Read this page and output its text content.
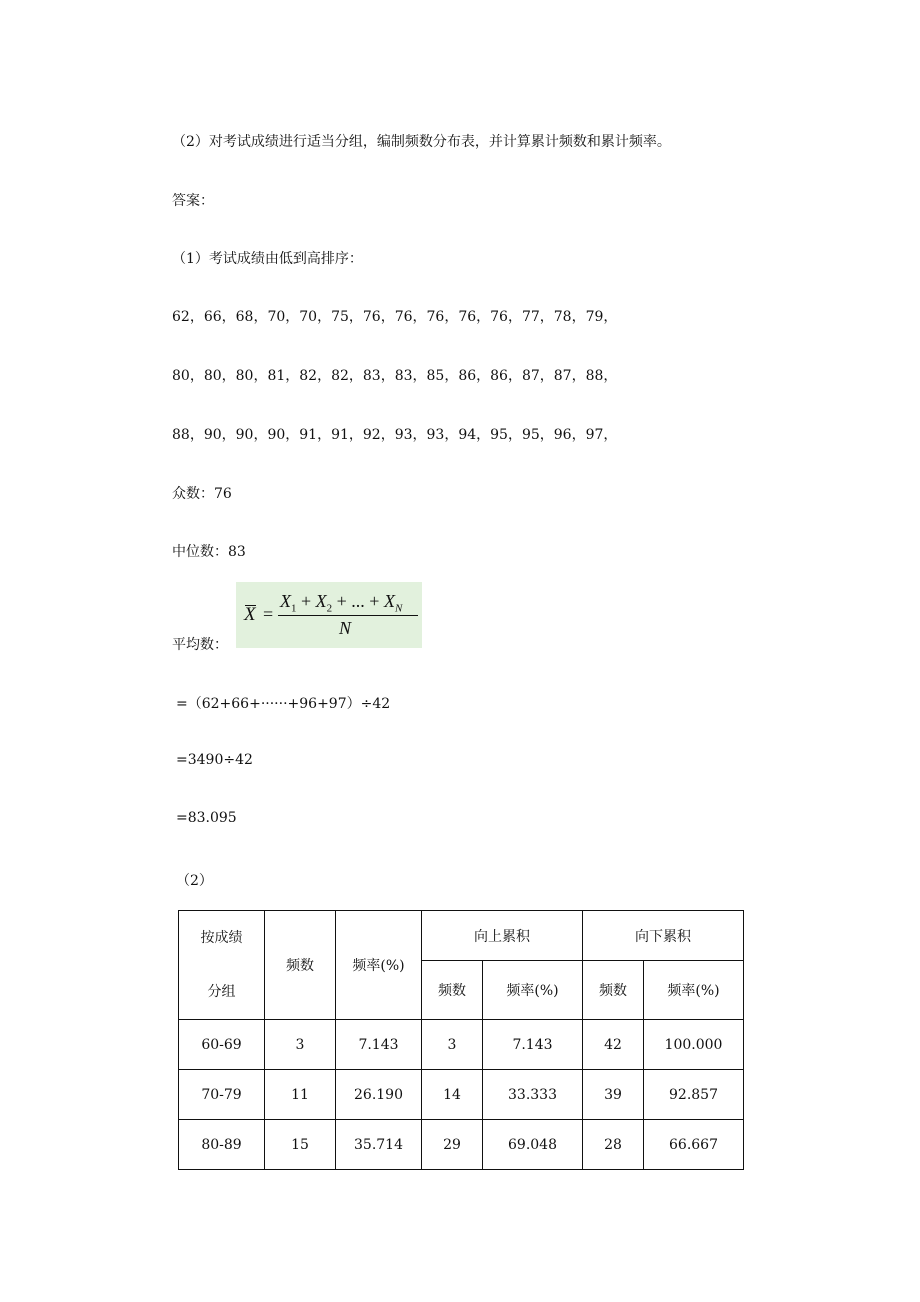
（2）对考试成绩进行适当分组，编制频数分布表，并计算累计频数和累计频率。
答案：
（1）考试成绩由低到高排序：
62，66，68，70，70，75，76，76，76，76，76，77，78，79，
80，80，80，81，82，82，83，83，85，86，86，87，87，88，
88，90，90，90，91，91，92，93，93，94，95，95，96，97，
众数：76
中位数：83
平均数：
X =
$X_1 + X_2$ + ... + $X_N$
N
=（62+66+······+96+97）÷42
=3490÷42
=83.095
（2）
按成绩
分组	频数	频率(%)	向上累积		向下累积	
			频数	频率(%)	频数	频率(%)
60-69	3	7.143	3	7.143	42	100.000
70-79	11	26.190	14	33.333	39	92.857
80-89	15	35.714	29	69.048	28	66.667
